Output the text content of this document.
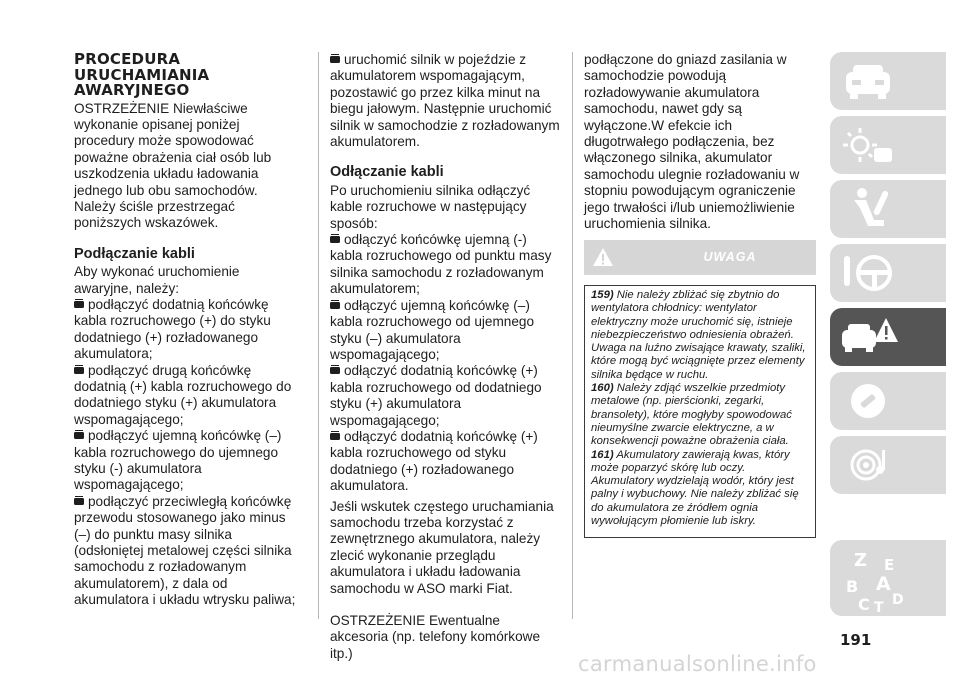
PROCEDURA
URUCHAMIANIA
AWARYJNEGO

OSTRZEŻENIE Niewłaściwe wykonanie opisanej poniżej procedury może spowodować poważne obrażenia ciał osób lub uszkodzenia układu ładowania jednego lub obu samochodów. Należy ściśle przestrzegać poniższych wskazówek.

Podłączanie kabli

Aby wykonać uruchomienie awaryjne, należy:

podłączyć dodatnią końcówkę kabla rozruchowego (+) do styku dodatniego (+) rozładowanego akumulatora;

podłączyć drugą końcówkę dodatnią (+) kabla rozruchowego do dodatniego styku (+) akumulatora wspomagającego;

podłączyć ujemną końcówkę (–) kabla rozruchowego do ujemnego styku (-) akumulatora wspomagającego;

podłączyć przeciwległą końcówkę przewodu stosowanego jako minus (–) do punktu masy silnika (odsłoniętej metalowej części silnika samochodu z rozładowanym akumulatorem), z dala od akumulatora i układu wtrysku paliwa;

uruchomić silnik w pojeździe z akumulatorem wspomagającym, pozostawić go przez kilka minut na biegu jałowym. Następnie uruchomić silnik w samochodzie z rozładowanym akumulatorem.

Odłączanie kabli

Po uruchomieniu silnika odłączyć kable rozruchowe w następujący sposób:

odłączyć końcówkę ujemną (-) kabla rozruchowego od punktu masy silnika samochodu z rozładowanym akumulatorem;

odłączyć ujemną końcówkę (–) kabla rozruchowego od ujemnego styku (–) akumulatora wspomagającego;

odłączyć dodatnią końcówkę (+) kabla rozruchowego od dodatniego styku (+) akumulatora wspomagającego;

odłączyć dodatnią końcówkę (+) kabla rozruchowego od styku dodatniego (+) rozładowanego akumulatora.

Jeśli wskutek częstego uruchamiania samochodu trzeba korzystać z zewnętrznego akumulatora, należy zlecić wykonanie przeglądu akumulatora i układu ładowania samochodu w ASO marki Fiat.

OSTRZEŻENIE Ewentualne akcesoria (np. telefony komórkowe itp.)

podłączone do gniazd zasilania w samochodzie powodują rozładowywanie akumulatora samochodu, nawet gdy są wyłączone.W efekcie ich długotrwałego podłączenia, bez włączonego silnika, akumulator samochodu ulegnie rozładowaniu w stopniu powodującym ograniczenie jego trwałości i/lub uniemożliwienie uruchomienia silnika.

UWAGA

159) Nie należy zbliżać się zbytnio do wentylatora chłodnicy: wentylator elektryczny może uruchomić się, istnieje niebezpieczeństwo odniesienia obrażeń. Uwaga na luźno zwisające krawaty, szaliki, które mogą być wciągnięte przez elementy silnika będące w ruchu.

160) Należy zdjąć wszelkie przedmioty metalowe (np. pierścionki, zegarki, bransolety), które mogłyby spowodować nieumyślne zwarcie elektryczne, a w konsekwencji poważne obrażenia ciała.

161) Akumulatory zawierają kwas, który może poparzyć skórę lub oczy. Akumulatory wydzielają wodór, który jest palny i wybuchowy. Nie należy zbliżać się do akumulatora ze źródłem ognia wywołującym płomienie lub iskry.

Z E
B A
C T D
191
carmanualsonline.info
